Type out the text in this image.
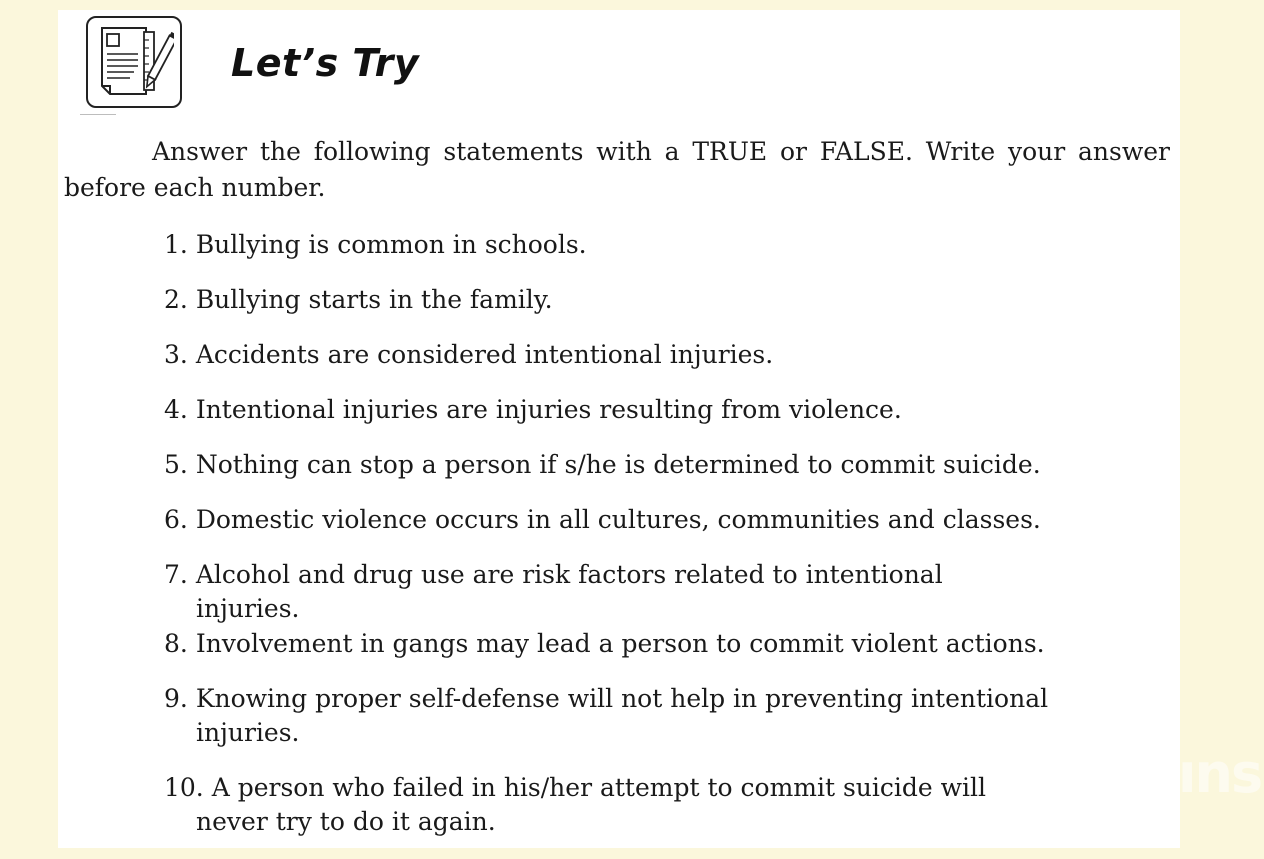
Let’s Try

Answer the following statements with a TRUE or FALSE. Write your answer before each number.

1. Bullying is common in schools.
2. Bullying starts in the family.
3. Accidents are considered intentional injuries.
4. Intentional injuries are injuries resulting from violence.
5. Nothing can stop a person if s/he is determined to commit suicide.
6. Domestic violence occurs in all cultures, communities and classes.
7. Alcohol and drug use are risk factors related to intentional
injuries.
8. Involvement in gangs may lead a person to commit violent actions.
9. Knowing proper self-defense will not help in preventing intentional
injuries.
10. A person who failed in his/her attempt to commit suicide will
never try to do it again.
ıns
